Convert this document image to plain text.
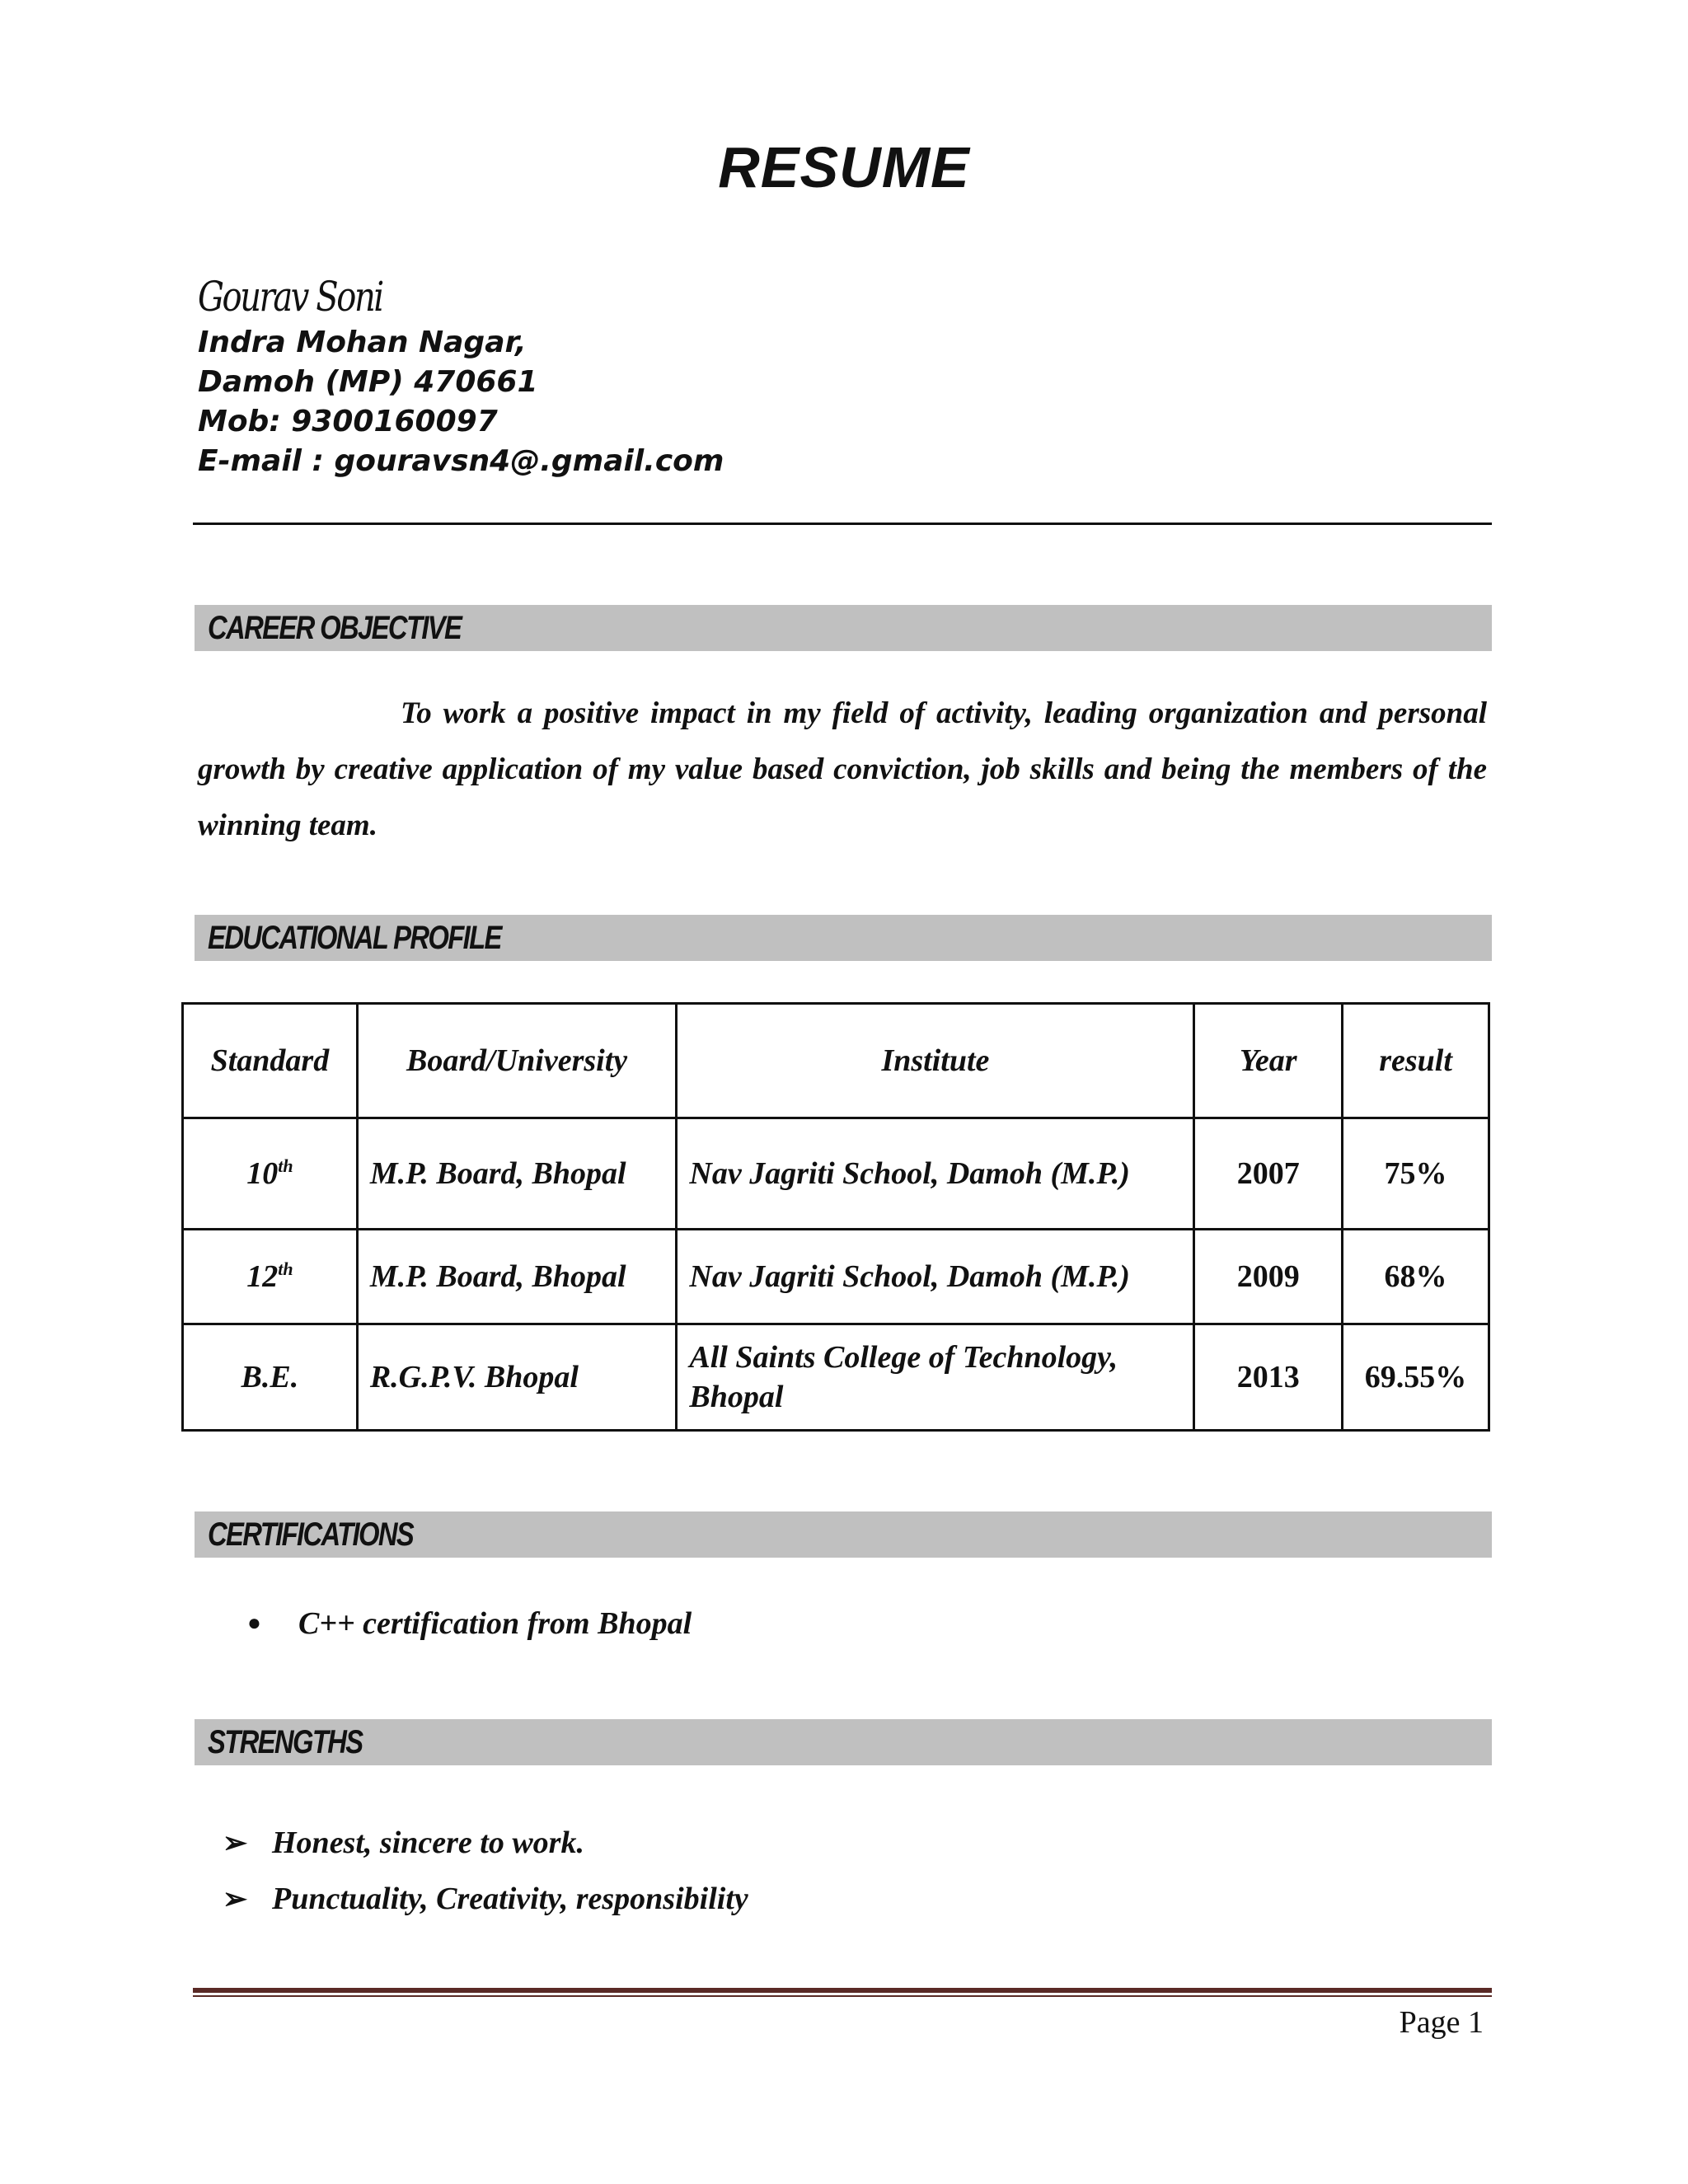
RESUME
Gourav Soni
Indra Mohan Nagar,
Damoh (MP) 470661
Mob: 9300160097
E-mail : gouravsn4@.gmail.com
CAREER OBJECTIVE
To work a positive impact in my field of activity, leading organization and personal growth by creative application of my value based conviction, job skills and being the members of the winning team.
EDUCATIONAL PROFILE
Standard	Board/University	Institute	Year	result
10th	M.P. Board, Bhopal	Nav Jagriti School, Damoh (M.P.)	2007	75%
12th	M.P. Board, Bhopal	Nav Jagriti School, Damoh (M.P.)	2009	68%
B.E.	R.G.P.V. Bhopal	All Saints College of Technology, Bhopal	2013	69.55%
CERTIFICATIONS
● C++ certification from Bhopal
STRENGTHS
➢ Honest, sincere to work.
➢ Punctuality, Creativity, responsibility
Page 1
